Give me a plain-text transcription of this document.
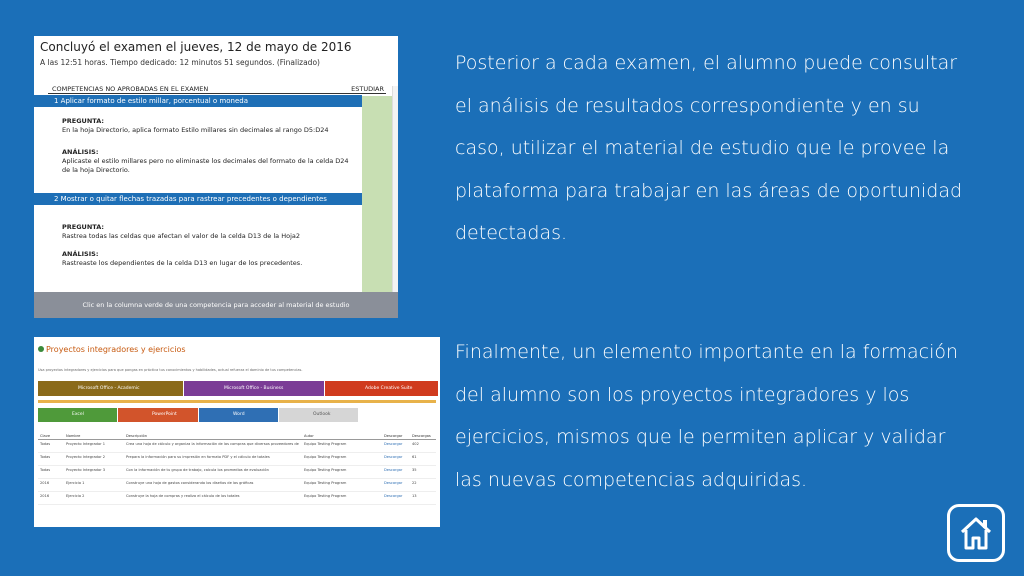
Concluyó el examen el jueves, 12 de mayo de 2016
A las 12:51 horas. Tiempo dedicado: 12 minutos 51 segundos. (Finalizado)
COMPETENCIAS NO APROBADAS EN EL EXAMEN	ESTUDIAR
1 Aplicar formato de estilo millar, porcentual o moneda
PREGUNTA:
En la hoja Directorio, aplica formato Estilo millares sin decimales al rango D5:D24
ANÁLISIS:
Aplicaste el estilo millares pero no eliminaste los decimales del formato de la celda D24 de la hoja Directorio.
2 Mostrar o quitar flechas trazadas para rastrear precedentes o dependientes
PREGUNTA:
Rastrea todas las celdas que afectan el valor de la celda D13 de la Hoja2
ANÁLISIS:
Rastreaste los dependientes de la celda D13 en lugar de los precedentes.
Clic en la columna verde de una competencia para acceder al material de estudio
Proyectos integradores y ejercicios
Usa proyectos integradores y ejercicios para que pongas en práctica tus conocimientos y habilidades, actual refuerza el dominio de tus competencias.
Microsoft Office - Academic	Microsoft Office - Business	Adobe Creative Suite
Excel	PowerPoint	Word	Outlook
Clave	Nombre	Descripción	Autor	Descargar	Descargas
Todas	Proyecto Integrador 1	Crea una hoja de cálculo y organiza la información de las compras que diversos proveedores de	Equipo Testing Program	Descargar	402
Todas	Proyecto Integrador 2	Prepara la información para su impresión en formato PDF y el cálculo de totales	Equipo Testing Program	Descargar	61
Todas	Proyecto Integrador 3	Con la información de tu grupo de trabajo, calcula los promedios de evaluación	Equipo Testing Program	Descargar	35
2016	Ejercicio 1	Construye una hoja de gastos considerando los diseños de las gráficas	Equipo Testing Program	Descargar	22
2016	Ejercicio 2	Construye la hoja de compras y realiza el cálculo de los totales	Equipo Testing Program	Descargar	13
Posterior a cada examen, el alumno puede consultar el análisis de resultados correspondiente y en su caso, utilizar el material de estudio que le provee la plataforma para trabajar en las áreas de oportunidad detectadas.
Finalmente, un elemento importante en la formación del alumno son los proyectos integradores y los ejercicios, mismos que le permiten aplicar y validar las nuevas competencias adquiridas.
